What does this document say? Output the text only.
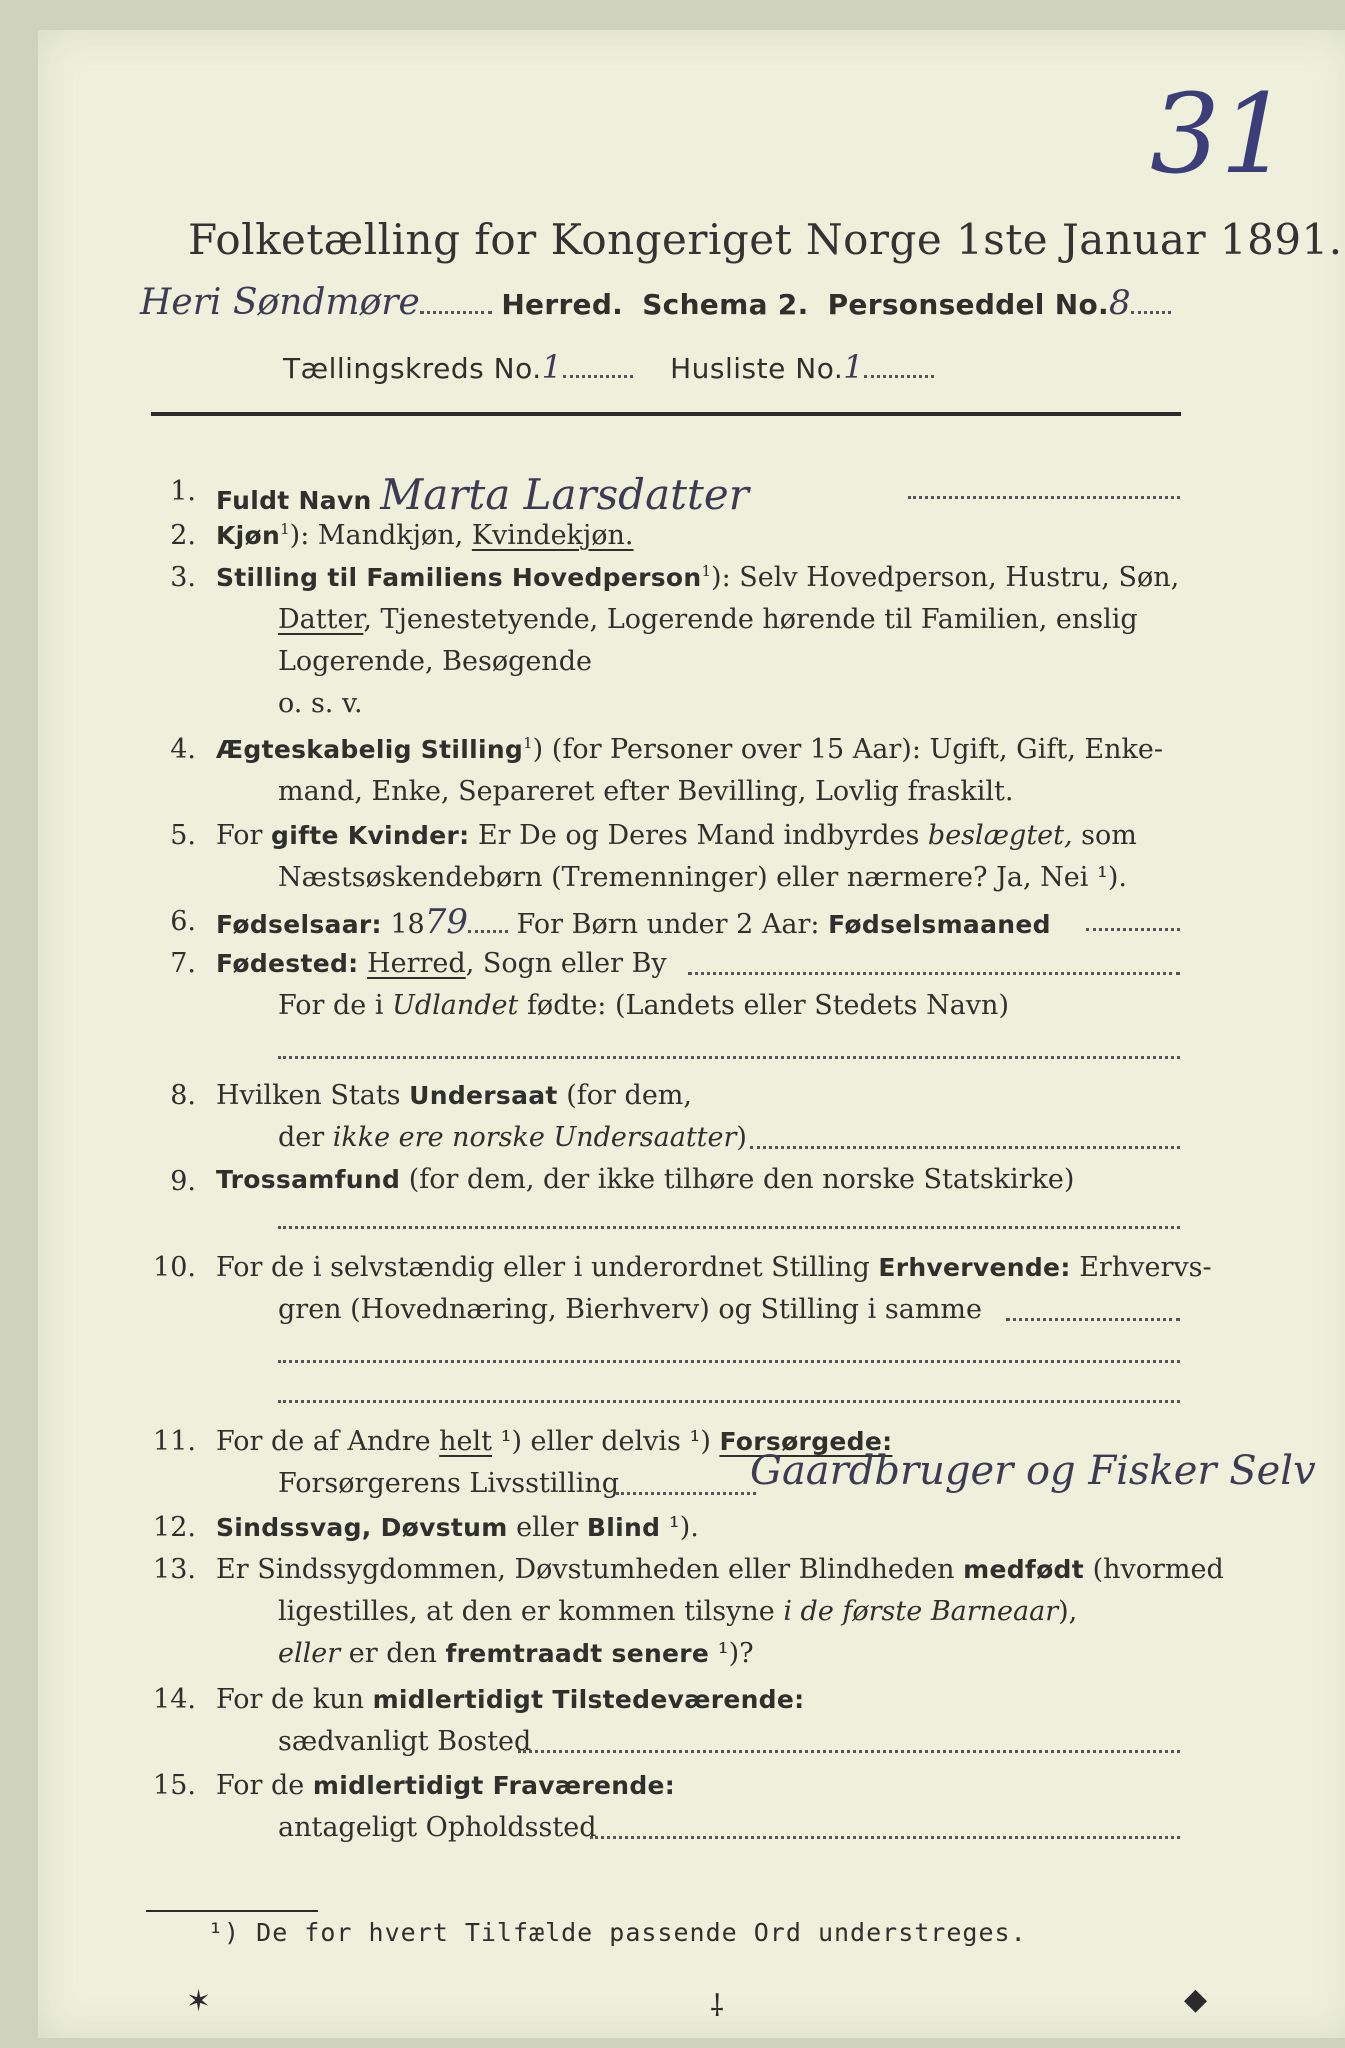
31
Folketælling for Kongeriget Norge 1ste Januar 1891.
Heri Søndmøre	Herred. Schema 2. Personseddel No.8
Tællingskreds No.1	Husliste No.1
1. Fuldt Navn Marta Larsdatter
2. Kjøn$^1$): Mandkjøn, Kvindekjøn.
3. Stilling til Familiens Hovedperson$^1$): Selv Hovedperson, Hustru, Søn,
Datter, Tjenestetyende, Logerende hørende til Familien, enslig
Logerende, Besøgende
o. s. v.
4. Ægteskabelig Stilling$^1$) (for Personer over 15 Aar): Ugift, Gift, Enke-
mand, Enke, Separeret efter Bevilling, Lovlig fraskilt.
5. For gifte Kvinder: Er De og Deres Mand indbyrdes beslægtet, som
Næstsøskendebørn (Tremenninger) eller nærmere? Ja, Nei ¹).
6. Fødselsaar: 1879 For Børn under 2 Aar: Fødselsmaaned
7. Fødested: Herred, Sogn eller By
For de i Udlandet fødte: (Landets eller Stedets Navn)
8. Hvilken Stats Undersaat (for dem,
der ikke ere norske Undersaatter)
9. Trossamfund (for dem, der ikke tilhøre den norske Statskirke)
10. For de i selvstændig eller i underordnet Stilling Erhvervende: Erhvervs-
gren (Hovednæring, Bierhverv) og Stilling i samme
11. For de af Andre helt ¹) eller delvis ¹) Forsørgede:
Forsørgerens Livsstilling	Gaardbruger og Fisker Selv
12. Sindssvag, Døvstum eller Blind ¹).
13. Er Sindssygdommen, Døvstumheden eller Blindheden medfødt (hvormed
ligestilles, at den er kommen tilsyne i de første Barneaar),
eller er den fremtraadt senere ¹)?
14. For de kun midlertidigt Tilstedeværende:
sædvanligt Bosted
15. For de midlertidigt Fraværende:
antageligt Opholdssted
¹) De for hvert Tilfælde passende Ord understreges.
✶	⸸	◆
